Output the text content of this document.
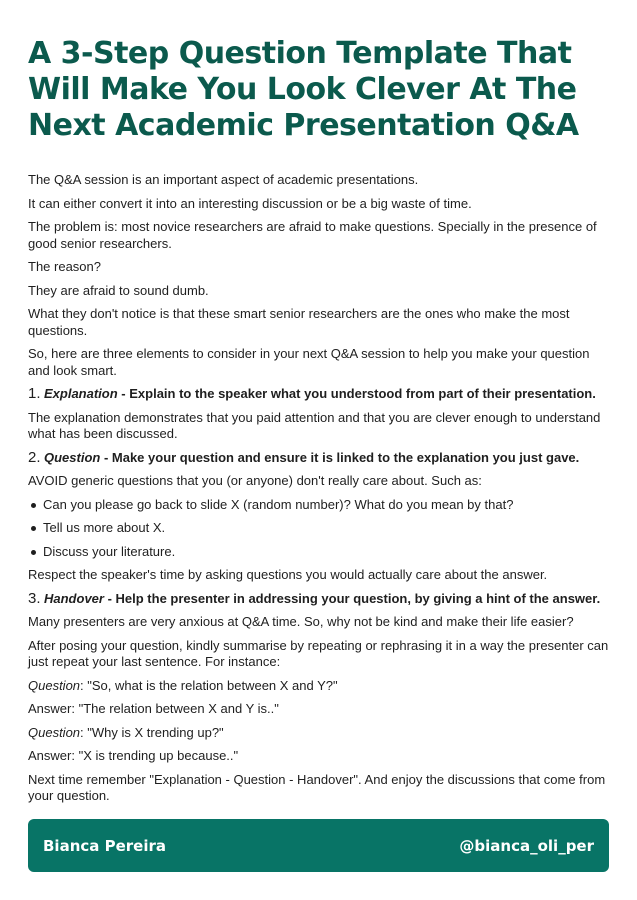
A 3-Step Question Template That Will Make You Look Clever At The Next Academic Presentation Q&A

The Q&A session is an important aspect of academic presentations.

It can either convert it into an interesting discussion or be a big waste of time.

The problem is: most novice researchers are afraid to make questions. Specially in the presence of good senior researchers.

The reason?

They are afraid to sound dumb.

What they don't notice is that these smart senior researchers are the ones who make the most questions.

So, here are three elements to consider in your next Q&A session to help you make your question and look smart.

1. Explanation - Explain to the speaker what you understood from part of their presentation.

The explanation demonstrates that you paid attention and that you are clever enough to understand what has been discussed.

2. Question - Make your question and ensure it is linked to the explanation you just gave.

AVOID generic questions that you (or anyone) don't really care about. Such as:

Can you please go back to slide X (random number)? What do you mean by that?
Tell us more about X.
Discuss your literature.

Respect the speaker's time by asking questions you would actually care about the answer.

3. Handover - Help the presenter in addressing your question, by giving a hint of the answer.

Many presenters are very anxious at Q&A time. So, why not be kind and make their life easier?

After posing your question, kindly summarise by repeating or rephrasing it in a way the presenter can just repeat your last sentence. For instance:

Question: "So, what is the relation between X and Y?"

Answer: "The relation between X and Y is.."

Question: "Why is X trending up?"

Answer: "X is trending up because.."

Next time remember "Explanation - Question - Handover". And enjoy the discussions that come from your question.

Bianca Pereira	@bianca_oli_per
